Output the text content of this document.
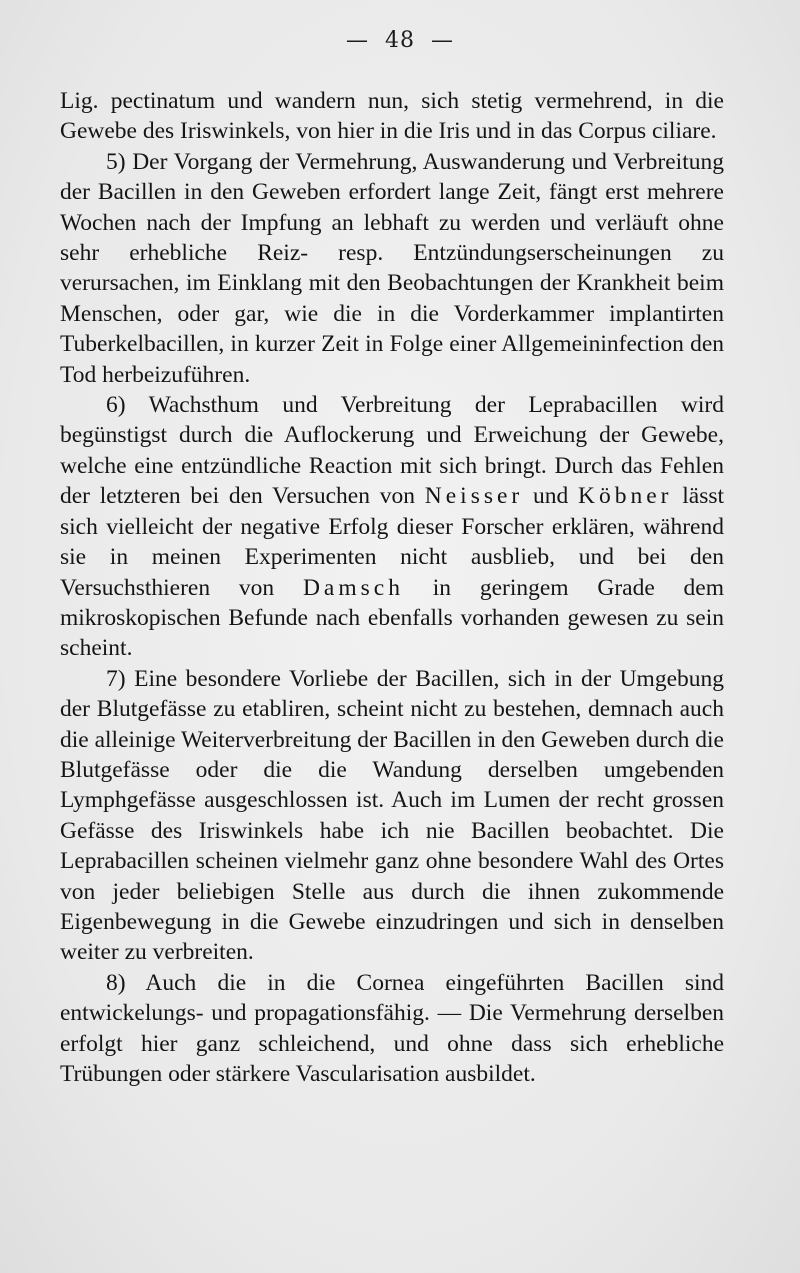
— 48 —

Lig. pectinatum und wandern nun, sich stetig vermehrend, in die Gewebe des Iriswinkels, von hier in die Iris und in das Corpus ciliare.

5) Der Vorgang der Vermehrung, Auswanderung und Verbreitung der Bacillen in den Geweben erfordert lange Zeit, fängt erst mehrere Wochen nach der Impfung an lebhaft zu werden und verläuft ohne sehr erhebliche Reiz- resp. Entzündungserscheinungen zu verursachen, im Einklang mit den Beobachtungen der Krankheit beim Menschen, oder gar, wie die in die Vorderkammer implantirten Tuberkelbacillen, in kurzer Zeit in Folge einer Allgemeininfection den Tod herbeizuführen.

6) Wachsthum und Verbreitung der Leprabacillen wird begünstigst durch die Auflockerung und Erweichung der Gewebe, welche eine entzündliche Reaction mit sich bringt. Durch das Fehlen der letzteren bei den Versuchen von Neisser und Köbner lässt sich vielleicht der negative Erfolg dieser Forscher erklären, während sie in meinen Experimenten nicht ausblieb, und bei den Versuchsthieren von Damsch in geringem Grade dem mikroskopischen Befunde nach ebenfalls vorhanden gewesen zu sein scheint.

7) Eine besondere Vorliebe der Bacillen, sich in der Umgebung der Blutgefässe zu etabliren, scheint nicht zu bestehen, demnach auch die alleinige Weiterverbreitung der Bacillen in den Geweben durch die Blutgefässe oder die die Wandung derselben umgebenden Lymphgefässe ausgeschlossen ist. Auch im Lumen der recht grossen Gefässe des Iriswinkels habe ich nie Bacillen beobachtet. Die Leprabacillen scheinen vielmehr ganz ohne besondere Wahl des Ortes von jeder beliebigen Stelle aus durch die ihnen zukommende Eigenbewegung in die Gewebe einzudringen und sich in denselben weiter zu verbreiten.

8) Auch die in die Cornea eingeführten Bacillen sind entwickelungs- und propagationsfähig. — Die Vermehrung derselben erfolgt hier ganz schleichend, und ohne dass sich erhebliche Trübungen oder stärkere Vascularisation ausbildet.
